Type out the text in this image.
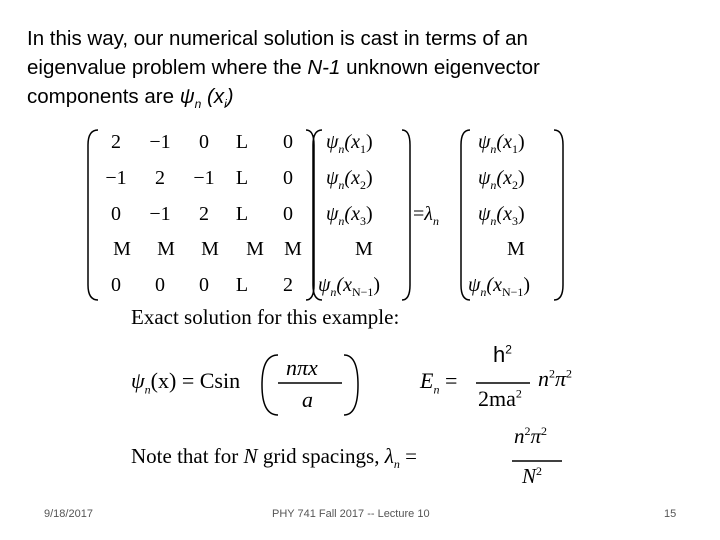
In this way, our numerical solution is cast in terms of an
eigenvalue problem where the N-1 unknown eigenvector
components are $\psi_n$ $(x_i)$
2	−1	0	L	0
−1	2	−1	L	0
0	−1	2	L	0
M	M	M	M	M
0	0	0	L	2
$\psi_n(x_1)$
$\psi_n(x_2)$
$\psi_n(x_3)$
M
$\psi_n(x_{N-1})$
$=\lambda_n$
$\psi_n(x_1)$
$\psi_n(x_2)$
$\psi_n(x_3)$
M
$\psi_n(x_{N-1})$
Exact solution for this example:
$\psi_n(x) = Csin$
nπx
a
$E_n$ =
$h^2$
$2ma^2$
$n^2\pi^2$
Note that for N grid spacings, $\lambda_n$ =
$n^2\pi^2$
$N^2$
9/18/2017	PHY 741 Fall 2017 -- Lecture 10	15
